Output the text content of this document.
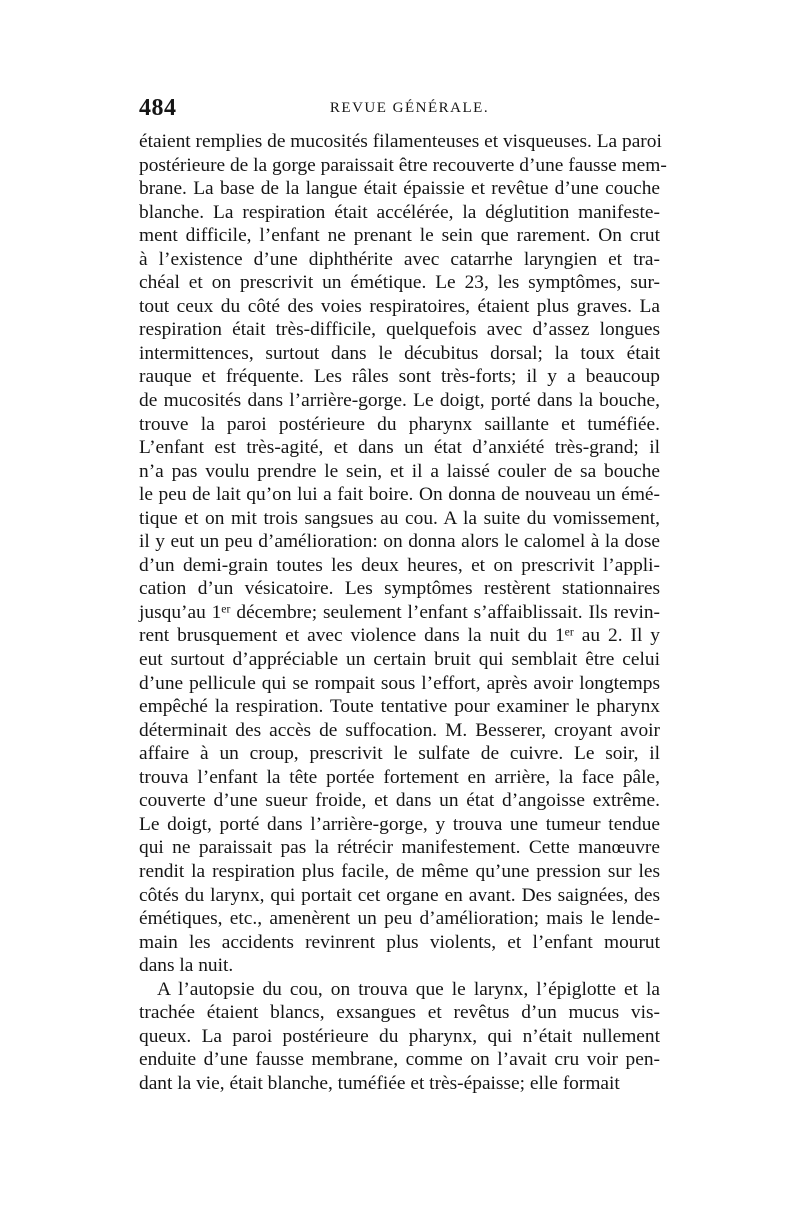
484	REVUE GÉNÉRALE.
étaient remplies de mucosités filamenteuses et visqueuses. La paroi
postérieure de la gorge paraissait être recouverte d’une fausse mem-
brane. La base de la langue était épaissie et revêtue d’une couche
blanche. La respiration était accélérée, la déglutition manifeste-
ment difficile, l’enfant ne prenant le sein que rarement. On crut
à l’existence d’une diphthérite avec catarrhe laryngien et tra-
chéal et on prescrivit un émétique. Le 23, les symptômes, sur-
tout ceux du côté des voies respiratoires, étaient plus graves. La
respiration était très-difficile, quelquefois avec d’assez longues
intermittences, surtout dans le décubitus dorsal; la toux était
rauque et fréquente. Les râles sont très-forts; il y a beaucoup
de mucosités dans l’arrière-gorge. Le doigt, porté dans la bouche,
trouve la paroi postérieure du pharynx saillante et tuméfiée.
L’enfant est très-agité, et dans un état d’anxiété très-grand; il
n’a pas voulu prendre le sein, et il a laissé couler de sa bouche
le peu de lait qu’on lui a fait boire. On donna de nouveau un émé-
tique et on mit trois sangsues au cou. A la suite du vomissement,
il y eut un peu d’amélioration: on donna alors le calomel à la dose
d’un demi-grain toutes les deux heures, et on prescrivit l’appli-
cation d’un vésicatoire. Les symptômes restèrent stationnaires
jusqu’au 1ᵉʳ décembre; seulement l’enfant s’affaiblissait. Ils revin-
rent brusquement et avec violence dans la nuit du 1ᵉʳ au 2. Il y
eut surtout d’appréciable un certain bruit qui semblait être celui
d’une pellicule qui se rompait sous l’effort, après avoir longtemps
empêché la respiration. Toute tentative pour examiner le pharynx
déterminait des accès de suffocation. M. Besserer, croyant avoir
affaire à un croup, prescrivit le sulfate de cuivre. Le soir, il
trouva l’enfant la tête portée fortement en arrière, la face pâle,
couverte d’une sueur froide, et dans un état d’angoisse extrême.
Le doigt, porté dans l’arrière-gorge, y trouva une tumeur tendue
qui ne paraissait pas la rétrécir manifestement. Cette manœuvre
rendit la respiration plus facile, de même qu’une pression sur les
côtés du larynx, qui portait cet organe en avant. Des saignées, des
émétiques, etc., amenèrent un peu d’amélioration; mais le lende-
main les accidents revinrent plus violents, et l’enfant mourut
dans la nuit.
A l’autopsie du cou, on trouva que le larynx, l’épiglotte et la
trachée étaient blancs, exsangues et revêtus d’un mucus vis-
queux. La paroi postérieure du pharynx, qui n’était nullement
enduite d’une fausse membrane, comme on l’avait cru voir pen-
dant la vie, était blanche, tuméfiée et très-épaisse; elle formait
